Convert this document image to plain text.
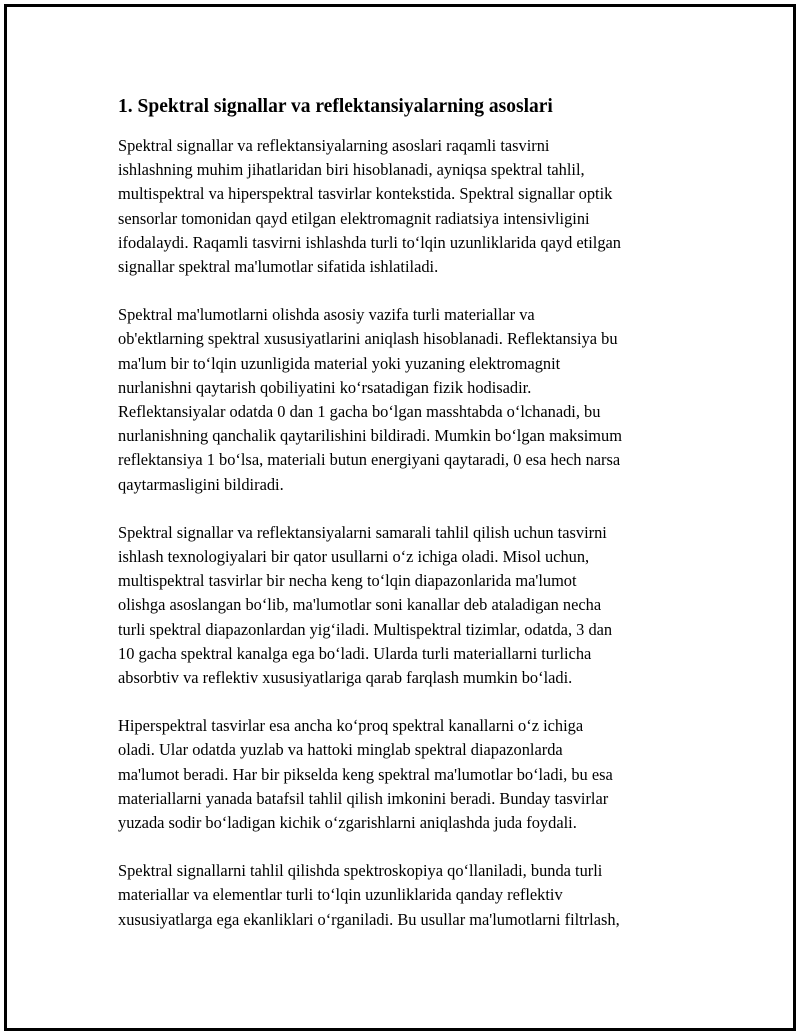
1. Spektral signallar va reflektansiyalarning asoslari

Spektral signallar va reflektansiyalarning asoslari raqamli tasvirni
ishlashning muhim jihatlaridan biri hisoblanadi, ayniqsa spektral tahlil,
multispektral va hiperspektral tasvirlar kontekstida. Spektral signallar optik
sensorlar tomonidan qayd etilgan elektromagnit radiatsiya intensivligini
ifodalaydi. Raqamli tasvirni ishlashda turli to‘lqin uzunliklarida qayd etilgan
signallar spektral ma'lumotlar sifatida ishlatiladi.

Spektral ma'lumotlarni olishda asosiy vazifa turli materiallar va
ob'ektlarning spektral xususiyatlarini aniqlash hisoblanadi. Reflektansiya bu
ma'lum bir to‘lqin uzunligida material yoki yuzaning elektromagnit
nurlanishni qaytarish qobiliyatini ko‘rsatadigan fizik hodisadir.
Reflektansiyalar odatda 0 dan 1 gacha bo‘lgan masshtabda o‘lchanadi, bu
nurlanishning qanchalik qaytarilishini bildiradi. Mumkin bo‘lgan maksimum
reflektansiya 1 bo‘lsa, materiali butun energiyani qaytaradi, 0 esa hech narsa
qaytarmasligini bildiradi.

Spektral signallar va reflektansiyalarni samarali tahlil qilish uchun tasvirni
ishlash texnologiyalari bir qator usullarni o‘z ichiga oladi. Misol uchun,
multispektral tasvirlar bir necha keng to‘lqin diapazonlarida ma'lumot
olishga asoslangan bo‘lib, ma'lumotlar soni kanallar deb ataladigan necha
turli spektral diapazonlardan yig‘iladi. Multispektral tizimlar, odatda, 3 dan
10 gacha spektral kanalga ega bo‘ladi. Ularda turli materiallarni turlicha
absorbtiv va reflektiv xususiyatlariga qarab farqlash mumkin bo‘ladi.

Hiperspektral tasvirlar esa ancha ko‘proq spektral kanallarni o‘z ichiga
oladi. Ular odatda yuzlab va hattoki minglab spektral diapazonlarda
ma'lumot beradi. Har bir pikselda keng spektral ma'lumotlar bo‘ladi, bu esa
materiallarni yanada batafsil tahlil qilish imkonini beradi. Bunday tasvirlar
yuzada sodir bo‘ladigan kichik o‘zgarishlarni aniqlashda juda foydali.

Spektral signallarni tahlil qilishda spektroskopiya qo‘llaniladi, bunda turli
materiallar va elementlar turli to‘lqin uzunliklarida qanday reflektiv
xususiyatlarga ega ekanliklari o‘rganiladi. Bu usullar ma'lumotlarni filtrlash,
